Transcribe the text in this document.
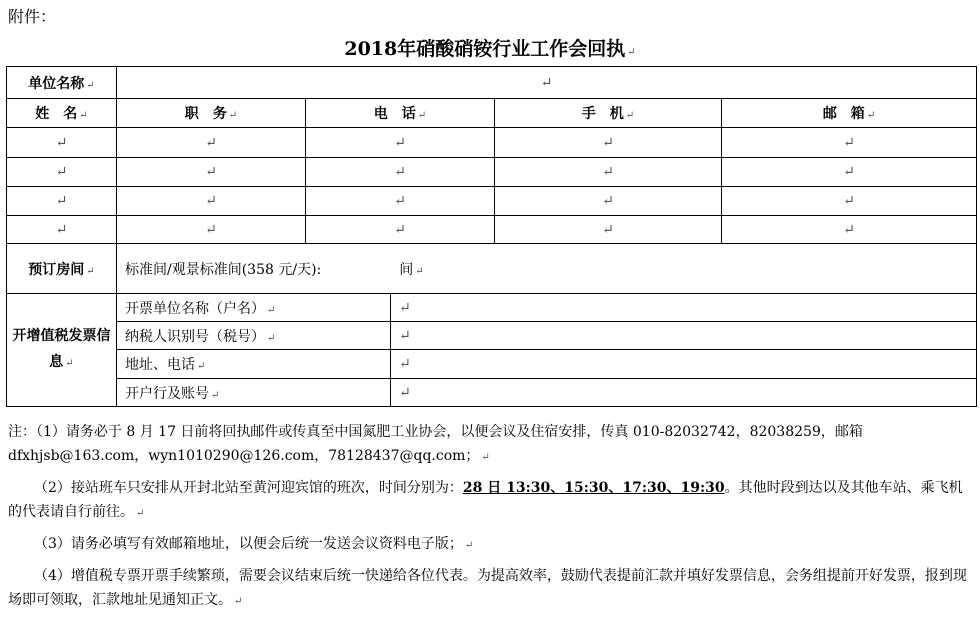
附件：
2018年硝酸硝铵行业工作会回执 ↵
单位名称 ↵	↵				
姓　名 ↵	职　务 ↵	电　话 ↵		手　机 ↵	邮　箱 ↵
↵	↵	↵		↵	↵
↵	↵	↵		↵	↵
↵	↵	↵		↵	↵
↵	↵	↵		↵	↵
预订房间 ↵	标准间/观景标准间(358 元/天): 间 ↵				
开增值税发票信息 ↵	开票单位名称（户名） ↵		↵		
	纳税人识别号（税号） ↵		↵		
	地址、电话 ↵		↵		
	开户行及账号 ↵		↵		

注：（1）请务必于 8 月 17 日前将回执邮件或传真至中国氮肥工业协会，以便会议及住宿安排，传真 010-82032742，82038259，邮箱 dfxhjsb@163.com，wyn1010290@126.com，78128437@qq.com； ↵

（2）接站班车只安排从开封北站至黄河迎宾馆的班次，时间分别为：28 日 13:30、15:30、17:30、19:30。其他时段到达以及其他车站、乘飞机的代表请自行前往。 ↵

（3）请务必填写有效邮箱地址，以便会后统一发送会议资料电子版； ↵

（4）增值税专票开票手续繁琐，需要会议结束后统一快递给各位代表。为提高效率，鼓励代表提前汇款并填好发票信息，会务组提前开好发票，报到现场即可领取，汇款地址见通知正文。 ↵
